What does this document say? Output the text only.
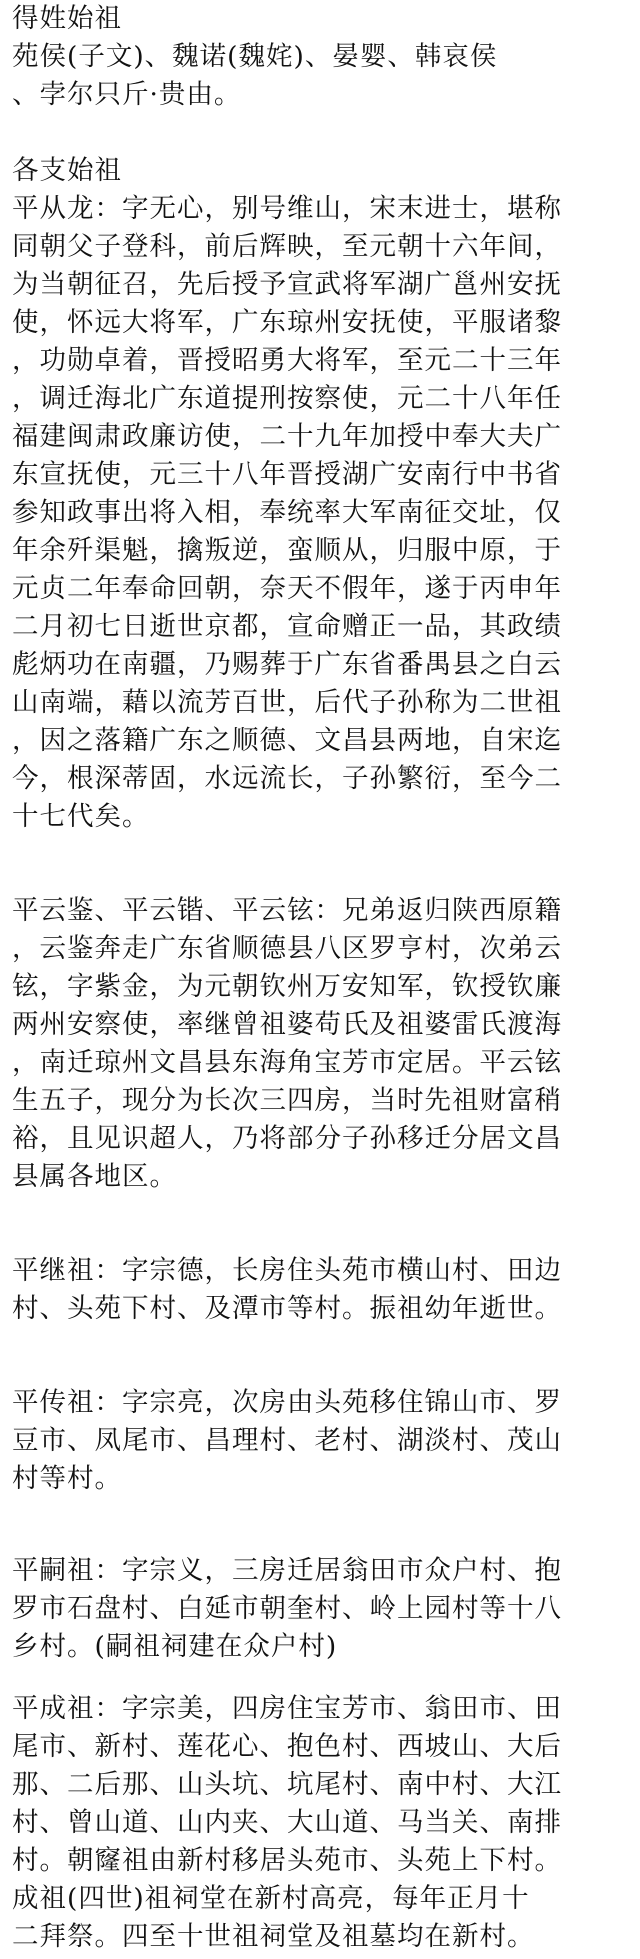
得姓始祖
苑侯(子文)、魏诺(魏姹)、晏婴、韩哀侯
、孛尔只斤·贵由。
各支始祖
平从龙：字无心，别号维山，宋末进士，堪称
同朝父子登科，前后辉映，至元朝十六年间，
为当朝征召，先后授予宣武将军湖广邕州安抚
使，怀远大将军，广东琼州安抚使，平服诸黎
，功勋卓着，晋授昭勇大将军，至元二十三年
，调迁海北广东道提刑按察使，元二十八年任
福建闽肃政廉访使，二十九年加授中奉大夫广
东宣抚使，元三十八年晋授湖广安南行中书省
参知政事出将入相，奉统率大军南征交址，仅
年余歼渠魁，擒叛逆，蛮顺从，归服中原，于
元贞二年奉命回朝，奈天不假年，遂于丙申年
二月初七日逝世京都，宣命赠正一品，其政绩
彪炳功在南疆，乃赐葬于广东省番禺县之白云
山南端，藉以流芳百世，后代子孙称为二世祖
，因之落籍广东之顺德、文昌县两地，自宋迄
今，根深蒂固，水远流长，子孙繁衍，至今二
十七代矣。
平云鉴、平云锴、平云铉：兄弟返归陕西原籍
，云鉴奔走广东省顺德县八区罗亨村，次弟云
铉，字紫金，为元朝钦州万安知军，钦授钦廉
两州安察使，率继曾祖婆苟氏及祖婆雷氏渡海
，南迁琼州文昌县东海角宝芳市定居。平云铉
生五子，现分为长次三四房，当时先祖财富稍
裕，且见识超人，乃将部分子孙移迁分居文昌
县属各地区。
平继祖：字宗德，长房住头苑市横山村、田边
村、头苑下村、及潭市等村。振祖幼年逝世。
平传祖：字宗亮，次房由头苑移住锦山市、罗
豆市、凤尾市、昌理村、老村、湖淡村、茂山
村等村。
平嗣祖：字宗义，三房迁居翁田市众户村、抱
罗市石盘村、白延市朝奎村、岭上园村等十八
乡村。(嗣祖祠建在众户村)
平成祖：字宗美，四房住宝芳市、翁田市、田
尾市、新村、莲花心、抱色村、西坡山、大后
那、二后那、山头坑、坑尾村、南中村、大江
村、曾山道、山内夹、大山道、马当关、南排
村。朝窿祖由新村移居头苑市、头苑上下村。
成祖(四世)祖祠堂在新村高亮，每年正月十
二拜祭。四至十世祖祠堂及祖墓均在新村。
